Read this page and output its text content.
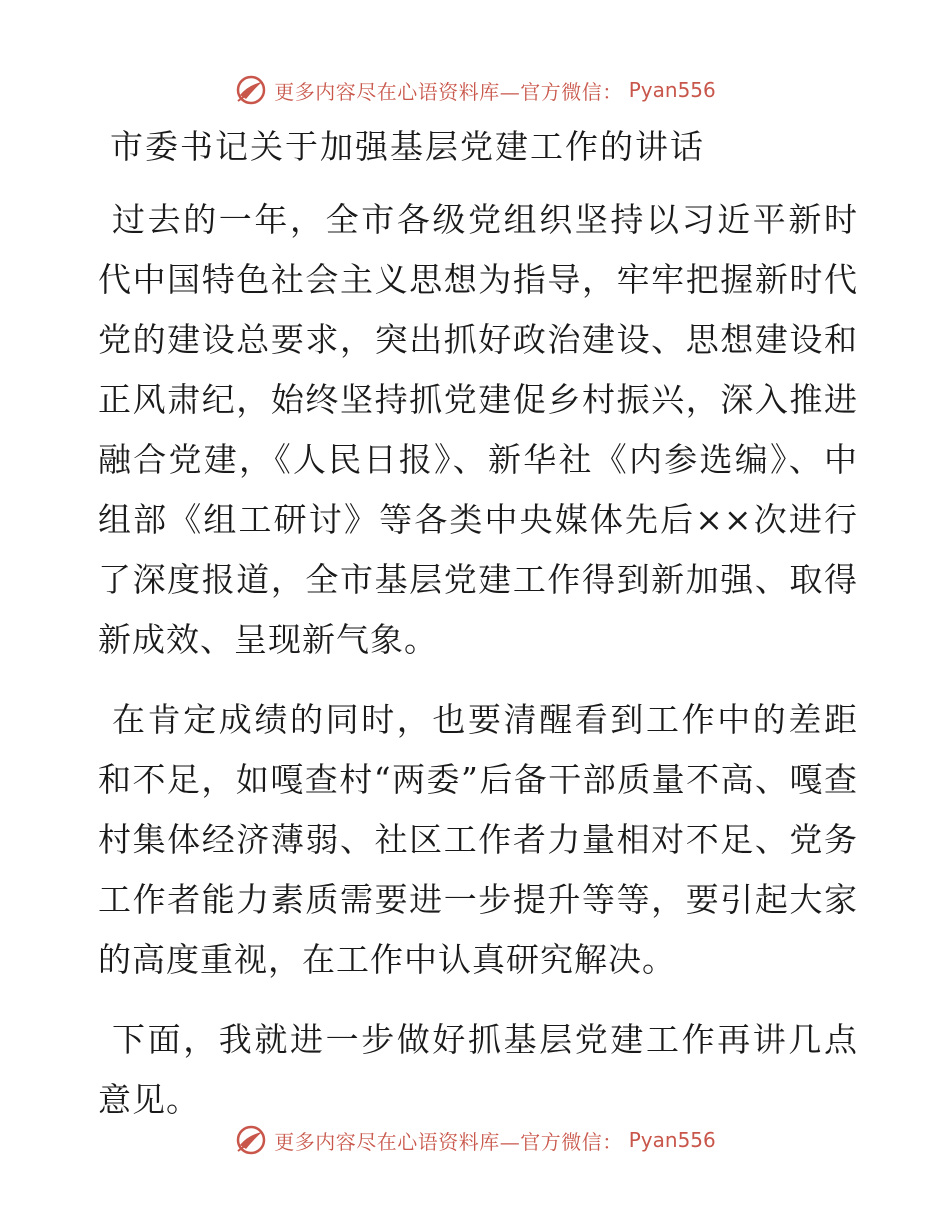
更多内容尽在心语资料库—官方微信： Pyan556
市委书记关于加强基层党建工作的讲话

过去的一年，全市各级党组织坚持以习近平新时代中国特色社会主义思想为指导，牢牢把握新时代党的建设总要求，突出抓好政治建设、思想建设和正风肃纪，始终坚持抓党建促乡村振兴，深入推进融合党建，《人民日报》、新华社《内参选编》、中组部《组工研讨》等各类中央媒体先后××次进行了深度报道，全市基层党建工作得到新加强、取得新成效、呈现新气象。

在肯定成绩的同时，也要清醒看到工作中的差距和不足，如嘎查村“两委”后备干部质量不高、嘎查村集体经济薄弱、社区工作者力量相对不足、党务工作者能力素质需要进一步提升等等，要引起大家的高度重视，在工作中认真研究解决。

下面，我就进一步做好抓基层党建工作再讲几点意见。

更多内容尽在心语资料库—官方微信： Pyan556
